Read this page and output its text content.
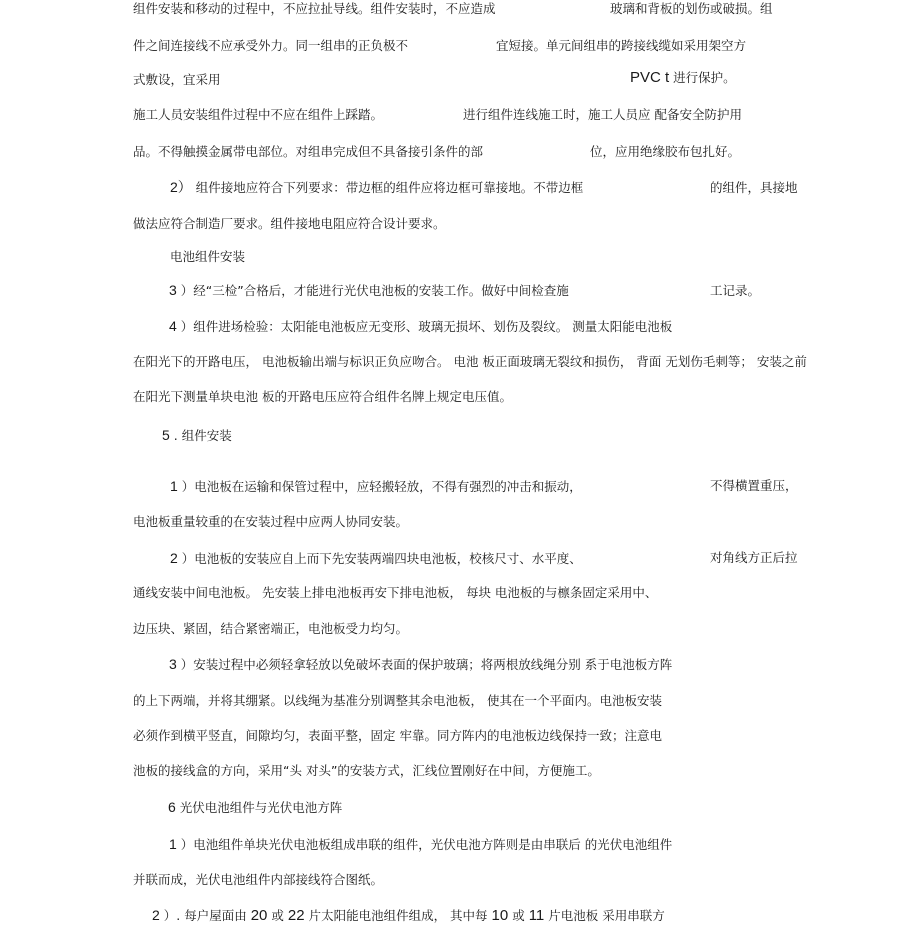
组件安装和移动的过程中，不应拉扯导线。组件安装时，不应造成	玻璃和背板的划伤或破损。组
件之间连接线不应承受外力。同一组串的正负极不	宜短接。单元间组串的跨接线缆如采用架空方
式敷设，宜采用	PVC t 进行保护。
施工人员安装组件过程中不应在组件上踩踏。	进行组件连线施工时，施工人员应 配备安全防护用
品。不得触摸金属带电部位。对组串完成但不具备接引条件的部	位，应用绝缘胶布包扎好。
2） 组件接地应符合下列要求：带边框的组件应将边框可靠接地。不带边框	的组件，具接地
做法应符合制造厂要求。组件接地电阻应符合设计要求。
电池组件安装
3 ）经“三检”合格后，才能进行光伏电池板的安装工作。做好中间检查施	工记录。
4 ）组件进场检验：太阳能电池板应无变形、玻璃无损坏、划伤及裂纹。 测量太阳能电池板
在阳光下的开路电压， 电池板输出端与标识正负应吻合。 电池 板正面玻璃无裂纹和损伤， 背面 无划伤毛刺等； 安装之前
在阳光下测量单块电池 板的开路电压应符合组件名牌上规定电压值。
5 . 组件安装
1 ）电池板在运输和保管过程中，应轻搬轻放，不得有强烈的冲击和振动，	不得横置重压，
电池板重量较重的在安装过程中应两人协同安装。
2 ）电池板的安装应自上而下先安装两端四块电池板，校核尺寸、水平度、	对角线方正后拉
通线安装中间电池板。 先安装上排电池板再安下排电池板， 每块 电池板的与檩条固定采用中、
边压块、紧固，结合紧密端正，电池板受力均匀。
3 ）安装过程中必须轻拿轻放以免破坏表面的保护玻璃；将两根放线绳分别 系于电池板方阵
的上下两端，并将其绷紧。以线绳为基准分别调整其余电池板， 使其在一个平面内。电池板安装
必须作到横平竖直，间隙均匀，表面平整，固定 牢靠。同方阵内的电池板边线保持一致；注意电
池板的接线盒的方向，采用“头 对头”的安装方式，汇线位置刚好在中间，方便施工。
6 光伏电池组件与光伏电池方阵
1 ）电池组件单块光伏电池板组成串联的组件，光伏电池方阵则是由串联后 的光伏电池组件
并联而成，光伏电池组件内部接线符合图纸。
2 ）. 每户屋面由 20 或 22 片太阳能电池组件组成， 其中每 10 或 11 片电池板 采用串联方
